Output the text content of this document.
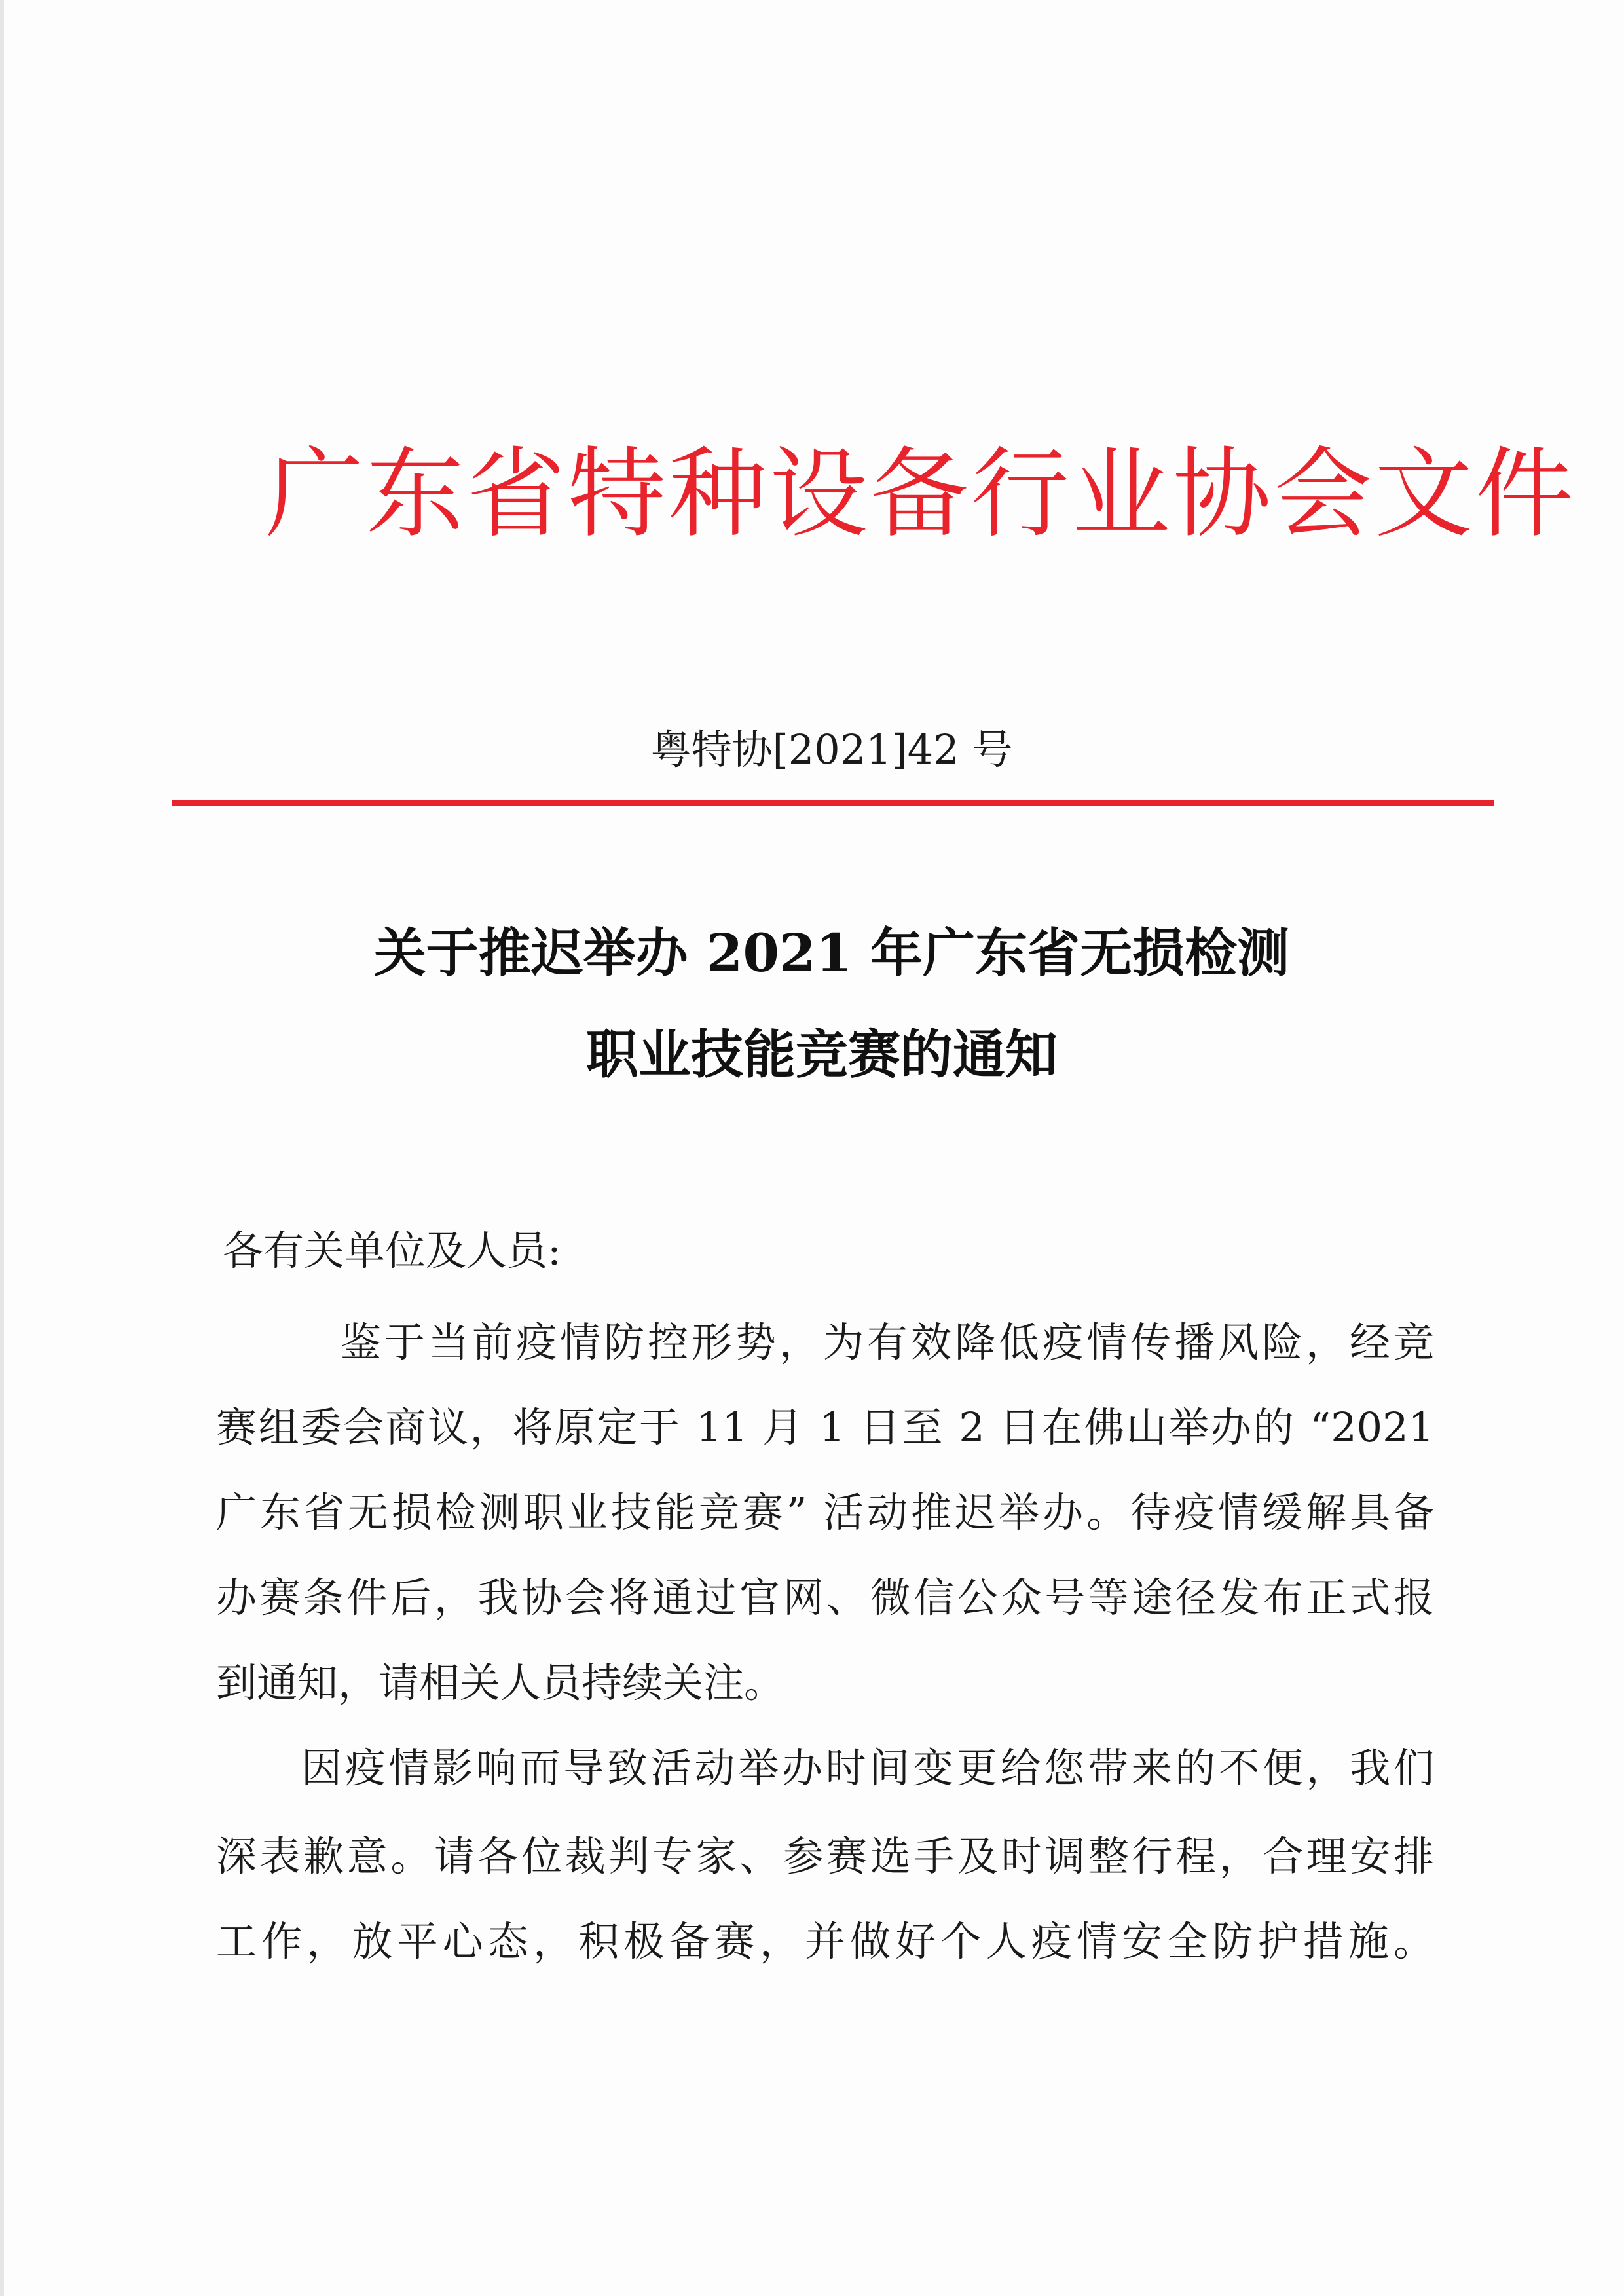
广东省特种设备行业协会文件
粤特协[2021]42 号
关于推迟举办 2021 年广东省无损检测
职业技能竞赛的通知
各有关单位及人员:
鉴于当前疫情防控形势，为有效降低疫情传播风险，经竞
赛组委会商议，将原定于 11 月 1 日至 2 日在佛山举办的 “2021
广东省无损检测职业技能竞赛” 活动推迟举办。待疫情缓解具备
办赛条件后，我协会将通过官网、微信公众号等途径发布正式报
到通知，请相关人员持续关注。
因疫情影响而导致活动举办时间变更给您带来的不便，我们
深表歉意。请各位裁判专家、参赛选手及时调整行程，合理安排
工作，放平心态，积极备赛，并做好个人疫情安全防护措施。
